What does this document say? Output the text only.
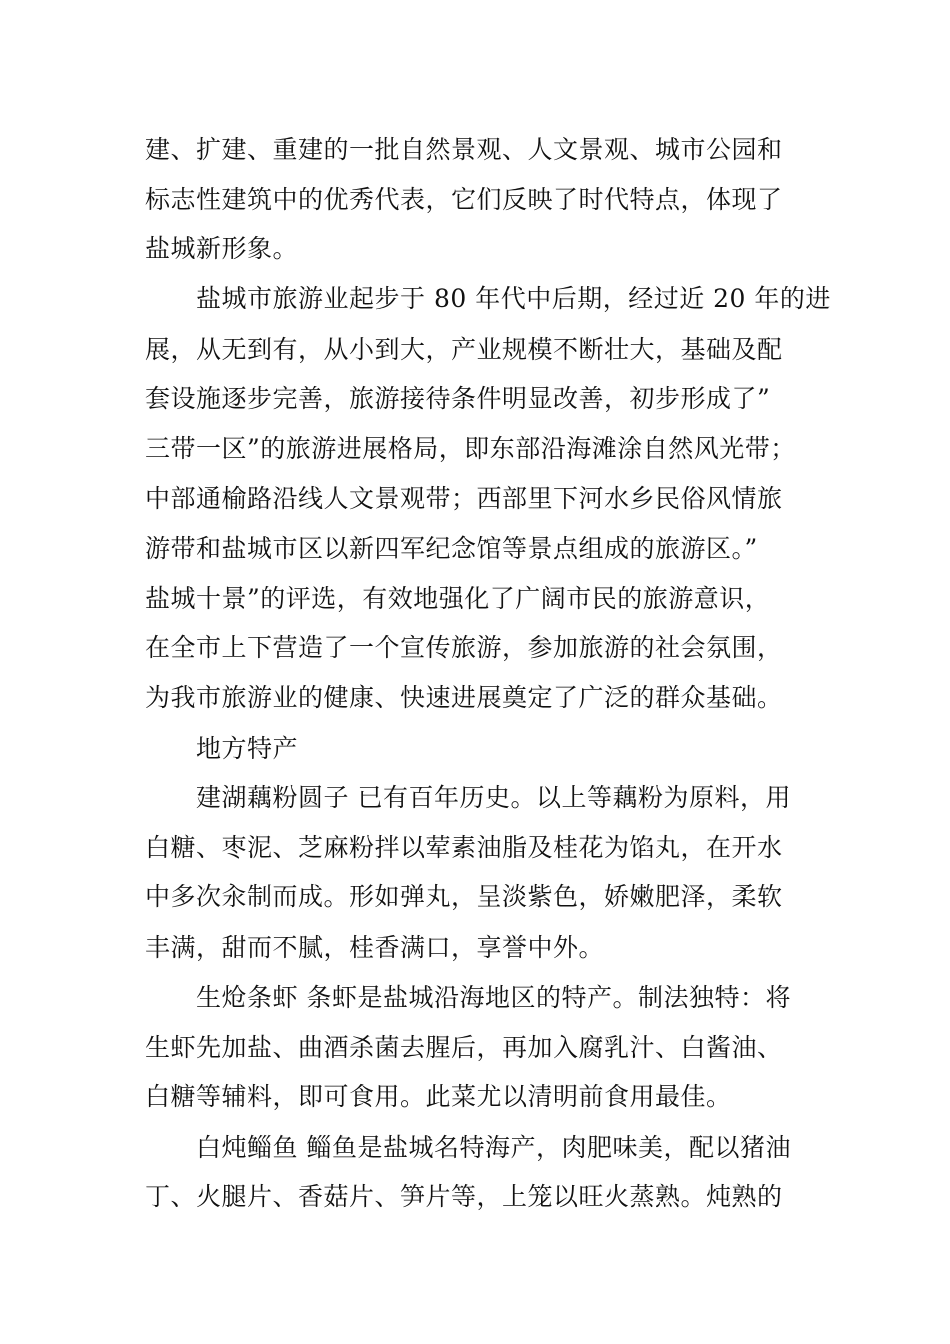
建、扩建、重建的一批自然景观、人文景观、城市公园和
标志性建筑中的优秀代表，它们反映了时代特点，体现了
盐城新形象。
盐城市旅游业起步于 80 年代中后期，经过近 20 年的进
展，从无到有，从小到大，产业规模不断壮大，基础及配
套设施逐步完善，旅游接待条件明显改善，初步形成了”
三带一区”的旅游进展格局，即东部沿海滩涂自然风光带；
中部通榆路沿线人文景观带；西部里下河水乡民俗风情旅
游带和盐城市区以新四军纪念馆等景点组成的旅游区。”
盐城十景”的评选，有效地强化了广阔市民的旅游意识，
在全市上下营造了一个宣传旅游，参加旅游的社会氛围，
为我市旅游业的健康、快速进展奠定了广泛的群众基础。
地方特产
建湖藕粉圆子 已有百年历史。以上等藕粉为原料，用
白糖、枣泥、芝麻粉拌以荤素油脂及桂花为馅丸，在开水
中多次汆制而成。形如弹丸，呈淡紫色，娇嫩肥泽，柔软
丰满，甜而不腻，桂香满口，享誉中外。
生炝条虾 条虾是盐城沿海地区的特产。制法独特：将
生虾先加盐、曲酒杀菌去腥后，再加入腐乳汁、白酱油、
白糖等辅料，即可食用。此菜尤以清明前食用最佳。
白炖鲻鱼 鲻鱼是盐城名特海产，肉肥味美，配以猪油
丁、火腿片、香菇片、笋片等，上笼以旺火蒸熟。炖熟的
